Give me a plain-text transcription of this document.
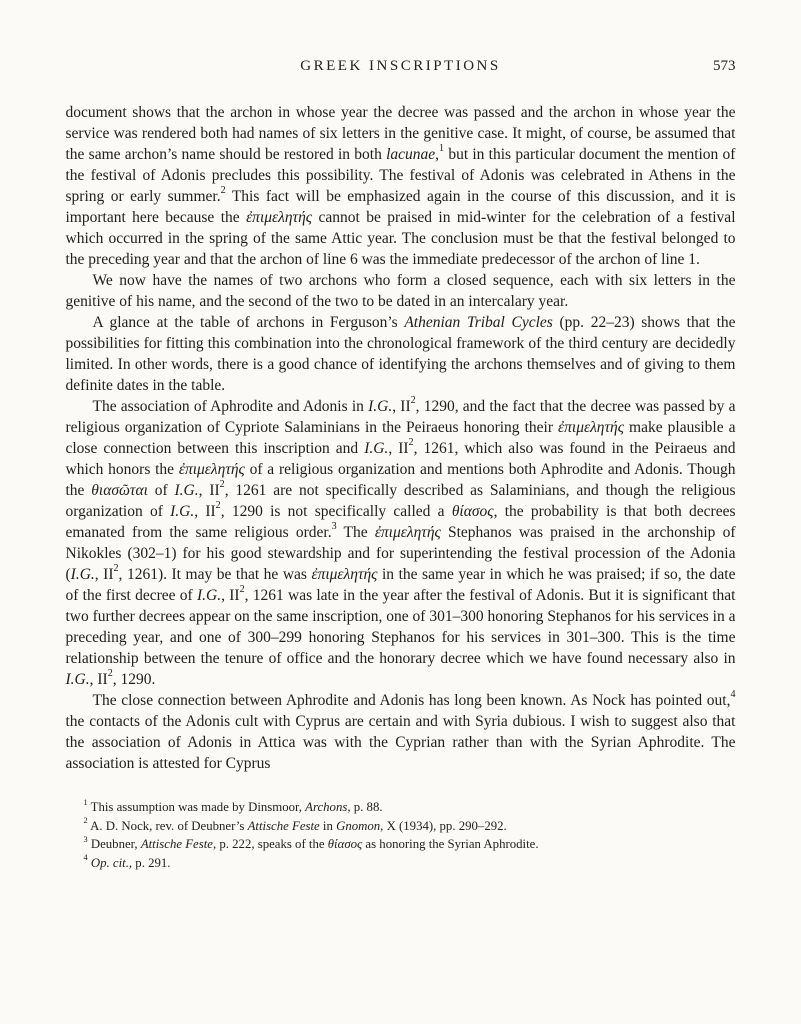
GREEK INSCRIPTIONS	573

document shows that the archon in whose year the decree was passed and the archon in whose year the service was rendered both had names of six letters in the genitive case. It might, of course, be assumed that the same archon’s name should be restored in both lacunae,$^1$ but in this particular document the mention of the festival of Adonis precludes this possibility. The festival of Adonis was celebrated in Athens in the spring or early summer.$^2$ This fact will be emphasized again in the course of this discussion, and it is important here because the ἐπιμελητής cannot be praised in mid-winter for the celebration of a festival which occurred in the spring of the same Attic year. The conclusion must be that the festival belonged to the preceding year and that the archon of line 6 was the immediate predecessor of the archon of line 1.

We now have the names of two archons who form a closed sequence, each with six letters in the genitive of his name, and the second of the two to be dated in an intercalary year.

A glance at the table of archons in Ferguson’s Athenian Tribal Cycles (pp. 22–23) shows that the possibilities for fitting this combination into the chronological framework of the third century are decidedly limited. In other words, there is a good chance of identifying the archons themselves and of giving to them definite dates in the table.

The association of Aphrodite and Adonis in I.G., $II^2$, 1290, and the fact that the decree was passed by a religious organization of Cypriote Salaminians in the Peiraeus honoring their ἐπιμελητής make plausible a close connection between this inscription and I.G., $II^2$, 1261, which also was found in the Peiraeus and which honors the ἐπιμελητής of a religious organization and mentions both Aphrodite and Adonis. Though the θιασῶται of I.G., $II^2$, 1261 are not specifically described as Salaminians, and though the religious organization of I.G., $II^2$, 1290 is not specifically called a θίασος, the probability is that both decrees emanated from the same religious order.$^3$ The ἐπιμελητής Stephanos was praised in the archonship of Nikokles (302–1) for his good stewardship and for superintending the festival procession of the Adonia (I.G., $II^2$, 1261). It may be that he was ἐπιμελητής in the same year in which he was praised; if so, the date of the first decree of I.G., $II^2$, 1261 was late in the year after the festival of Adonis. But it is significant that two further decrees appear on the same inscription, one of 301–300 honoring Stephanos for his services in a preceding year, and one of 300–299 honoring Stephanos for his services in 301–300. This is the time relationship between the tenure of office and the honorary decree which we have found necessary also in I.G., $II^2$, 1290.

The close connection between Aphrodite and Adonis has long been known. As Nock has pointed out,$^4$ the contacts of the Adonis cult with Cyprus are certain and with Syria dubious. I wish to suggest also that the association of Adonis in Attica was with the Cyprian rather than with the Syrian Aphrodite. The association is attested for Cyprus

$^1$ This assumption was made by Dinsmoor, Archons, p. 88.

$^2$ A. D. Nock, rev. of Deubner’s Attische Feste in Gnomon, X (1934), pp. 290–292.

$^3$ Deubner, Attische Feste, p. 222, speaks of the θίασος as honoring the Syrian Aphrodite.

$^4$ Op. cit., p. 291.
